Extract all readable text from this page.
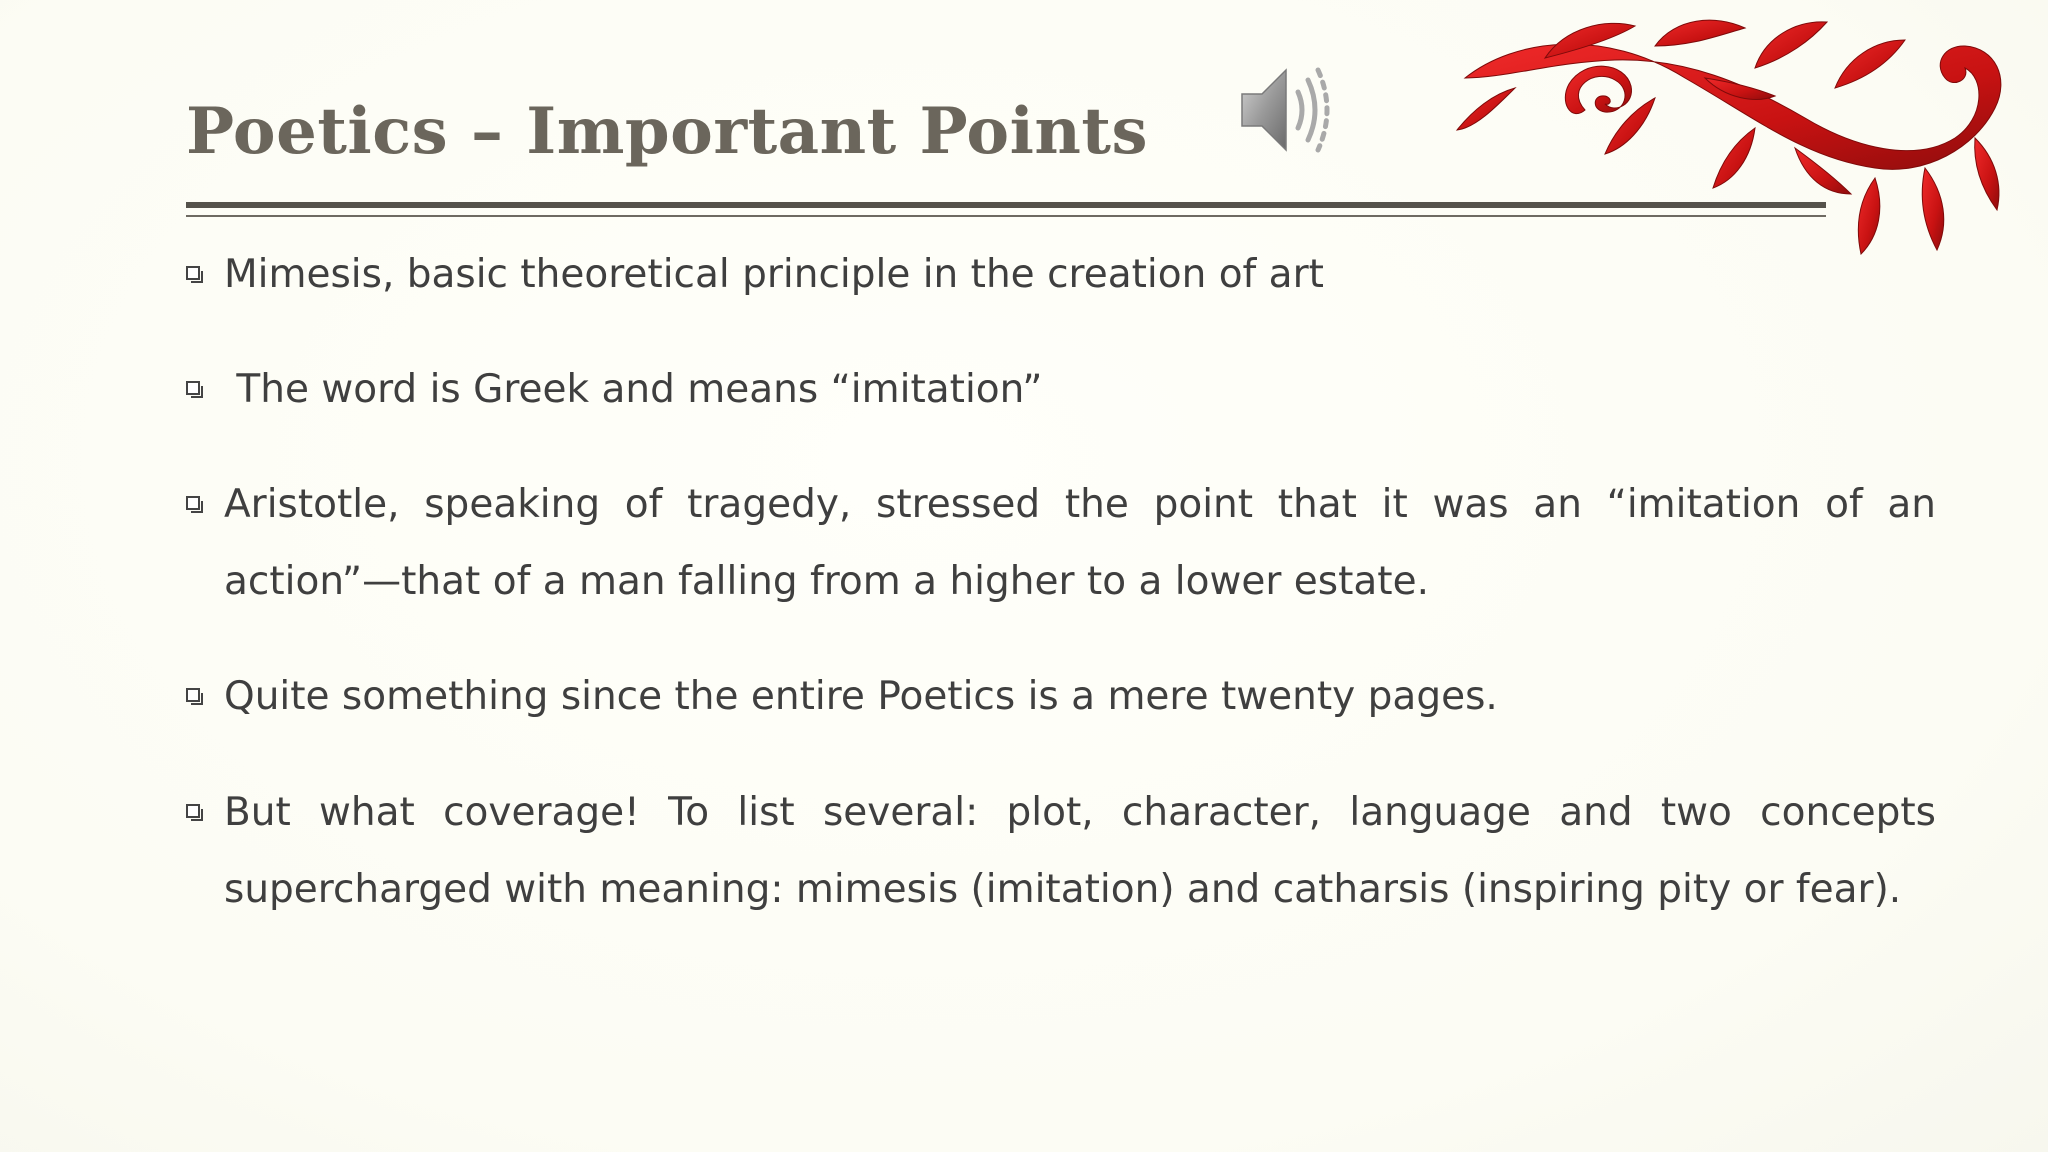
Poetics – Important Points
Mimesis, basic theoretical principle in the creation of art
The word is Greek and means “imitation”
Aristotle, speaking of tragedy, stressed the point that it was an “imitation of an action”—that of a man falling from a higher to a lower estate.
Quite something since the entire Poetics is a mere twenty pages.
But what coverage! To list several: plot, character, language and two concepts supercharged with meaning: mimesis (imitation) and catharsis (inspiring pity or fear).
